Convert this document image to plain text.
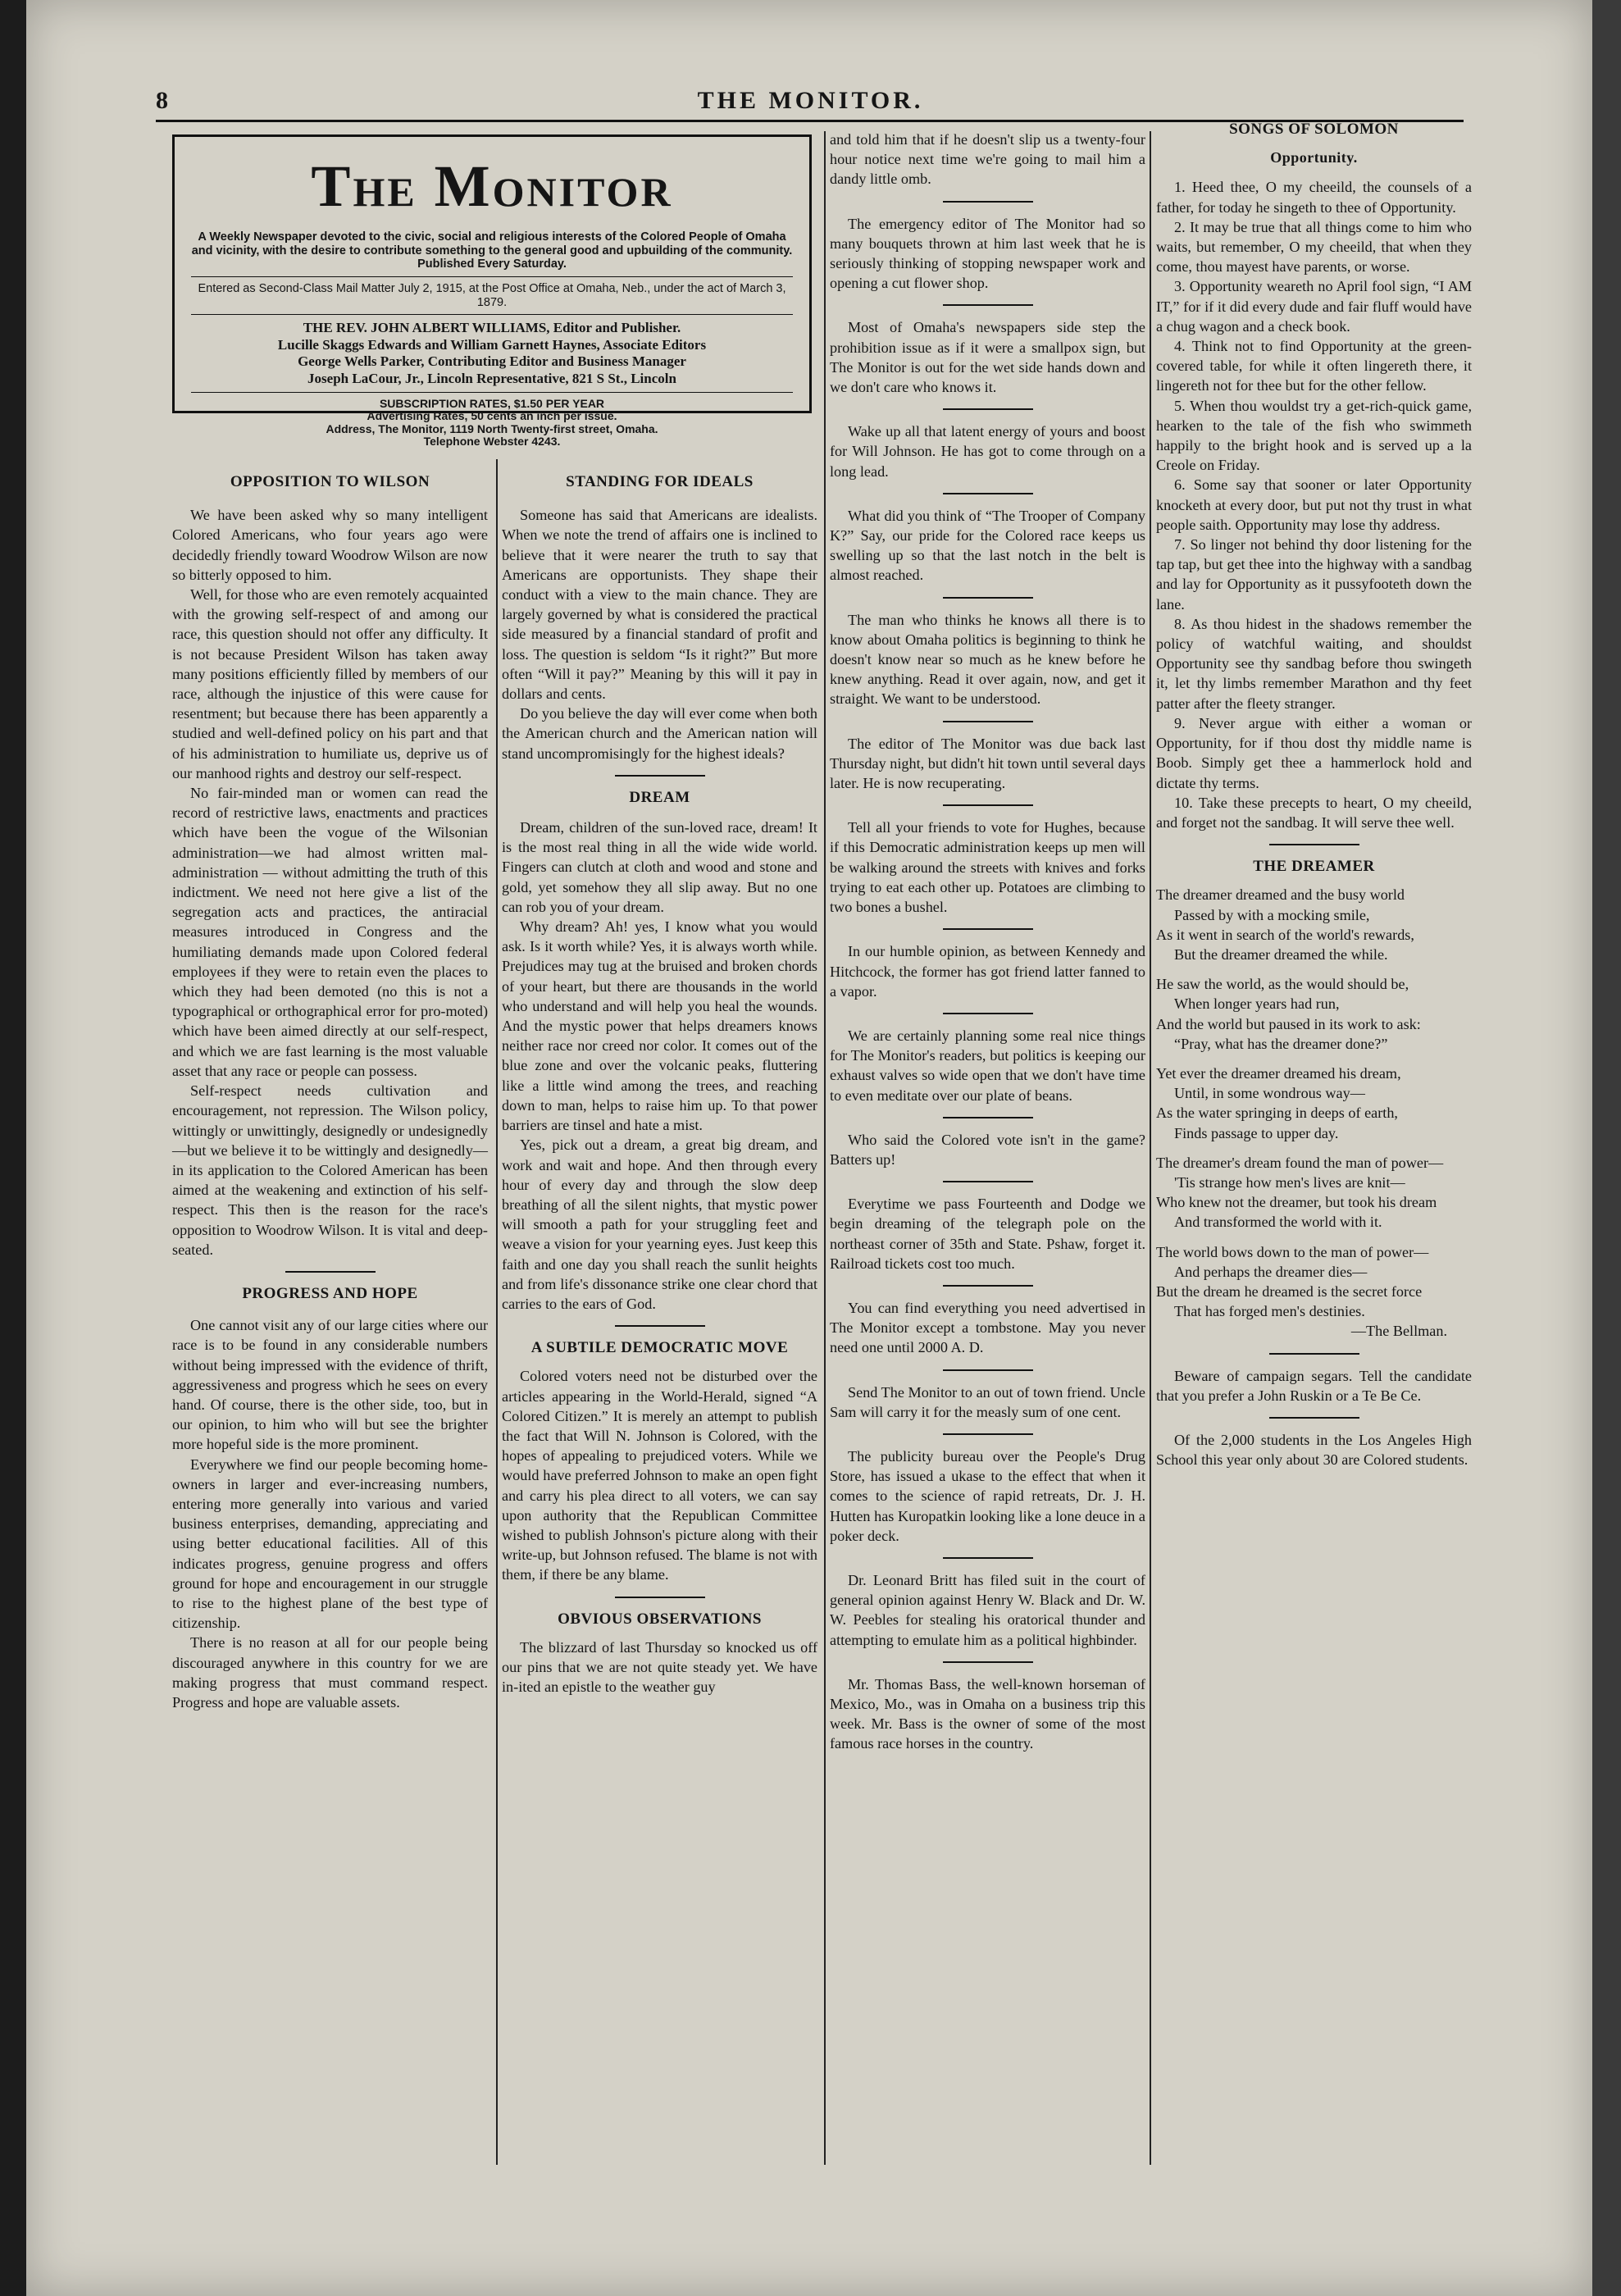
8	THE MONITOR.
The Monitor
A Weekly Newspaper devoted to the civic, social and religious interests of the Colored People of Omaha and vicinity, with the desire to contribute something to the general good and upbuilding of the community.
Published Every Saturday.
Entered as Second-Class Mail Matter July 2, 1915, at the Post Office at Omaha, Neb., under the act of March 3, 1879.
THE REV. JOHN ALBERT WILLIAMS, Editor and Publisher.
Lucille Skaggs Edwards and William Garnett Haynes, Associate Editors
George Wells Parker, Contributing Editor and Business Manager
Joseph LaCour, Jr., Lincoln Representative, 821 S St., Lincoln
SUBSCRIPTION RATES, $1.50 PER YEAR
Advertising Rates, 50 cents an inch per issue.
Address, The Monitor, 1119 North Twenty-first street, Omaha.
Telephone Webster 4243.
OPPOSITION TO WILSON

We have been asked why so many intelligent Colored Americans, who four years ago were decidedly friendly toward Woodrow Wilson are now so bitterly opposed to him.

Well, for those who are even remotely acquainted with the growing self-respect of and among our race, this question should not offer any difficulty. It is not because President Wilson has taken away many positions efficiently filled by members of our race, although the injustice of this were cause for resentment; but because there has been apparently a studied and well-defined policy on his part and that of his administration to humiliate us, deprive us of our manhood rights and destroy our self-respect.

No fair-minded man or women can read the record of restrictive laws, enactments and practices which have been the vogue of the Wilsonian administration—we had almost written mal-administration — without admitting the truth of this indictment. We need not here give a list of the segregation acts and practices, the antiracial measures introduced in Congress and the humiliating demands made upon Colored federal employees if they were to retain even the places to which they had been demoted (no this is not a typographical or orthographical error for pro-moted) which have been aimed directly at our self-respect, and which we are fast learning is the most valuable asset that any race or people can possess.

Self-respect needs cultivation and encouragement, not repression. The Wilson policy, wittingly or unwittingly, designedly or undesignedly—but we believe it to be wittingly and designedly—in its application to the Colored American has been aimed at the weakening and extinction of his self-respect. This then is the reason for the race's opposition to Woodrow Wilson. It is vital and deep-seated.

PROGRESS AND HOPE

One cannot visit any of our large cities where our race is to be found in any considerable numbers without being impressed with the evidence of thrift, aggressiveness and progress which he sees on every hand. Of course, there is the other side, too, but in our opinion, to him who will but see the brighter more hopeful side is the more prominent.

Everywhere we find our people becoming home-owners in larger and ever-increasing numbers, entering more generally into various and varied business enterprises, demanding, appreciating and using better educational facilities. All of this indicates progress, genuine progress and offers ground for hope and encouragement in our struggle to rise to the highest plane of the best type of citizenship.

There is no reason at all for our people being discouraged anywhere in this country for we are making progress that must command respect. Progress and hope are valuable assets.

STANDING FOR IDEALS

Someone has said that Americans are idealists. When we note the trend of affairs one is inclined to believe that it were nearer the truth to say that Americans are opportunists. They shape their conduct with a view to the main chance. They are largely governed by what is considered the practical side measured by a financial standard of profit and loss. The question is seldom “Is it right?” But more often “Will it pay?” Meaning by this will it pay in dollars and cents.

Do you believe the day will ever come when both the American church and the American nation will stand uncompromisingly for the highest ideals?

DREAM

Dream, children of the sun-loved race, dream! It is the most real thing in all the wide wide world. Fingers can clutch at cloth and wood and stone and gold, yet somehow they all slip away. But no one can rob you of your dream.

Why dream? Ah! yes, I know what you would ask. Is it worth while? Yes, it is always worth while. Prejudices may tug at the bruised and broken chords of your heart, but there are thousands in the world who understand and will help you heal the wounds. And the mystic power that helps dreamers knows neither race nor creed nor color. It comes out of the blue zone and over the volcanic peaks, fluttering like a little wind among the trees, and reaching down to man, helps to raise him up. To that power barriers are tinsel and hate a mist.

Yes, pick out a dream, a great big dream, and work and wait and hope. And then through every hour of every day and through the slow deep breathing of all the silent nights, that mystic power will smooth a path for your struggling feet and weave a vision for your yearning eyes. Just keep this faith and one day you shall reach the sunlit heights and from life's dissonance strike one clear chord that carries to the ears of God.

A SUBTILE DEMOCRATIC MOVE

Colored voters need not be disturbed over the articles appearing in the World-Herald, signed “A Colored Citizen.” It is merely an attempt to publish the fact that Will N. Johnson is Colored, with the hopes of appealing to prejudiced voters. While we would have preferred Johnson to make an open fight and carry his plea direct to all voters, we can say upon authority that the Republican Committee wished to publish Johnson's picture along with their write-up, but Johnson refused. The blame is not with them, if there be any blame.

OBVIOUS OBSERVATIONS

The blizzard of last Thursday so knocked us off our pins that we are not quite steady yet. We have in-ited an epistle to the weather guy

and told him that if he doesn't slip us a twenty-four hour notice next time we're going to mail him a dandy little omb.

The emergency editor of The Monitor had so many bouquets thrown at him last week that he is seriously thinking of stopping newspaper work and opening a cut flower shop.

Most of Omaha's newspapers side step the prohibition issue as if it were a smallpox sign, but The Monitor is out for the wet side hands down and we don't care who knows it.

Wake up all that latent energy of yours and boost for Will Johnson. He has got to come through on a long lead.

What did you think of “The Trooper of Company K?” Say, our pride for the Colored race keeps us swelling up so that the last notch in the belt is almost reached.

The man who thinks he knows all there is to know about Omaha politics is beginning to think he doesn't know near so much as he knew before he knew anything. Read it over again, now, and get it straight. We want to be understood.

The editor of The Monitor was due back last Thursday night, but didn't hit town until several days later. He is now recuperating.

Tell all your friends to vote for Hughes, because if this Democratic administration keeps up men will be walking around the streets with knives and forks trying to eat each other up. Potatoes are climbing to two bones a bushel.

In our humble opinion, as between Kennedy and Hitchcock, the former has got friend latter fanned to a vapor.

We are certainly planning some real nice things for The Monitor's readers, but politics is keeping our exhaust valves so wide open that we don't have time to even meditate over our plate of beans.

Who said the Colored vote isn't in the game? Batters up!

Everytime we pass Fourteenth and Dodge we begin dreaming of the telegraph pole on the northeast corner of 35th and State. Pshaw, forget it. Railroad tickets cost too much.

You can find everything you need advertised in The Monitor except a tombstone. May you never need one until 2000 A. D.

Send The Monitor to an out of town friend. Uncle Sam will carry it for the measly sum of one cent.

The publicity bureau over the People's Drug Store, has issued a ukase to the effect that when it comes to the science of rapid retreats, Dr. J. H. Hutten has Kuropatkin looking like a lone deuce in a poker deck.

Dr. Leonard Britt has filed suit in the court of general opinion against Henry W. Black and Dr. W. W. Peebles for stealing his oratorical thunder and attempting to emulate him as a political highbinder.

Mr. Thomas Bass, the well-known horseman of Mexico, Mo., was in Omaha on a business trip this week. Mr. Bass is the owner of some of the most famous race horses in the country.

SONGS OF SOLOMON
Opportunity.

1. Heed thee, O my cheeild, the counsels of a father, for today he singeth to thee of Opportunity.

2. It may be true that all things come to him who waits, but remember, O my cheeild, that when they come, thou mayest have parents, or worse.

3. Opportunity weareth no April fool sign, “I AM IT,” for if it did every dude and fair fluff would have a chug wagon and a check book.

4. Think not to find Opportunity at the green-covered table, for while it often lingereth there, it lingereth not for thee but for the other fellow.

5. When thou wouldst try a get-rich-quick game, hearken to the tale of the fish who swimmeth happily to the bright hook and is served up a la Creole on Friday.

6. Some say that sooner or later Opportunity knocketh at every door, but put not thy trust in what people saith. Opportunity may lose thy address.

7. So linger not behind thy door listening for the tap tap, but get thee into the highway with a sandbag and lay for Opportunity as it pussyfooteth down the lane.

8. As thou hidest in the shadows remember the policy of watchful waiting, and shouldst Opportunity see thy sandbag before thou swingeth it, let thy limbs remember Marathon and thy feet patter after the fleety stranger.

9. Never argue with either a woman or Opportunity, for if thou dost thy middle name is Boob. Simply get thee a hammerlock hold and dictate thy terms.

10. Take these precepts to heart, O my cheeild, and forget not the sandbag. It will serve thee well.

THE DREAMER
The dreamer dreamed and the busy world
Passed by with a mocking smile,
As it went in search of the world's rewards,
But the dreamer dreamed the while.
He saw the world, as the would should be,
When longer years had run,
And the world but paused in its work to ask:
“Pray, what has the dreamer done?”
Yet ever the dreamer dreamed his dream,
Until, in some wondrous way—
As the water springing in deeps of earth,
Finds passage to upper day.
The dreamer's dream found the man of power—
'Tis strange how men's lives are knit—
Who knew not the dreamer, but took his dream
And transformed the world with it.
The world bows down to the man of power—
And perhaps the dreamer dies—
But the dream he dreamed is the secret force
That has forged men's destinies.

—The Bellman.

Beware of campaign segars. Tell the candidate that you prefer a John Ruskin or a Te Be Ce.

Of the 2,000 students in the Los Angeles High School this year only about 30 are Colored students.
